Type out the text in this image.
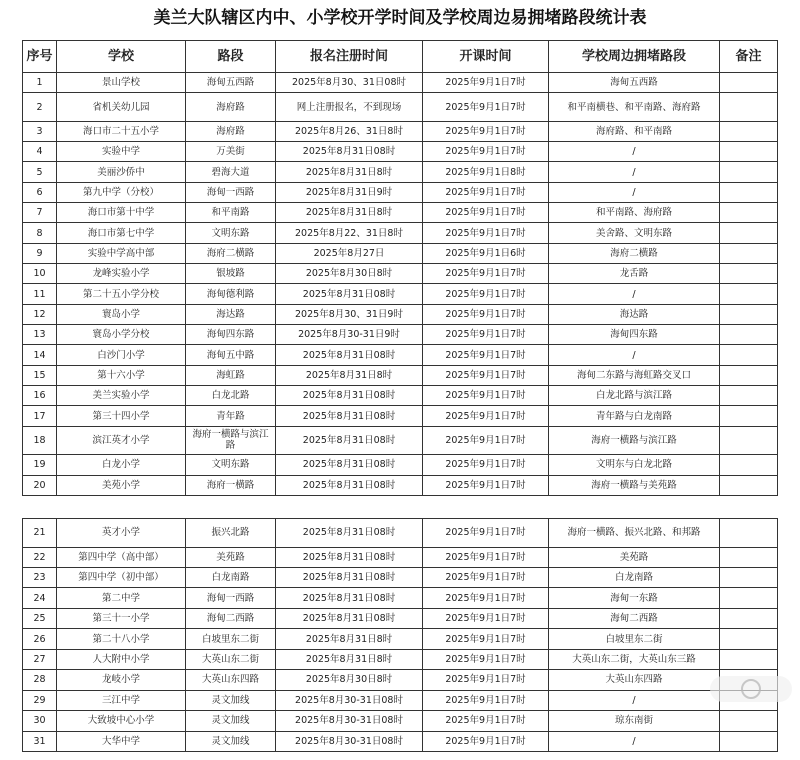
美兰大队辖区内中、小学校开学时间及学校周边易拥堵路段统计表
序号	学校	路段	报名注册时间	开课时间	学校周边拥堵路段	备注
1	景山学校	海甸五西路	2025年8月30、31日08时	2025年9月1日7时	海甸五西路	
2	省机关幼儿园	海府路	网上注册报名，不到现场	2025年9月1日7时	和平南横巷、和平南路、海府路	
3	海口市二十五小学	海府路	2025年8月26、31日8时	2025年9月1日7时	海府路、和平南路	
4	实验中学	万美街	2025年8月31日08时	2025年9月1日7时	/	
5	美丽沙侨中	碧海大道	2025年8月31日8时	2025年9月1日8时	/	
6	第九中学（分校）	海甸一西路	2025年8月31日9时	2025年9月1日7时	/	
7	海口市第十中学	和平南路	2025年8月31日8时	2025年9月1日7时	和平南路、海府路	
8	海口市第七中学	文明东路	2025年8月22、31日8时	2025年9月1日7时	美舍路、文明东路	
9	实验中学高中部	海府二横路	2025年8月27日	2025年9月1日6时	海府二横路	
10	龙峰实验小学	银坡路	2025年8月30日8时	2025年9月1日7时	龙舌路	
11	第二十五小学分校	海甸德利路	2025年8月31日08时	2025年9月1日7时	/	
12	寰岛小学	海达路	2025年8月30、31日9时	2025年9月1日7时	海达路	
13	寰岛小学分校	海甸四东路	2025年8月30-31日9时	2025年9月1日7时	海甸四东路	
14	白沙门小学	海甸五中路	2025年8月31日08时	2025年9月1日7时	/	
15	第十六小学	海虹路	2025年8月31日8时	2025年9月1日7时	海甸二东路与海虹路交叉口	
16	美兰实验小学	白龙北路	2025年8月31日08时	2025年9月1日7时	白龙北路与滨江路	
17	第三十四小学	青年路	2025年8月31日08时	2025年9月1日7时	青年路与白龙南路	
18	滨江英才小学	海府一横路与滨江路	2025年8月31日08时	2025年9月1日7时	海府一横路与滨江路	
19	白龙小学	文明东路	2025年8月31日08时	2025年9月1日7时	文明东与白龙北路	
20	美苑小学	海府一横路	2025年8月31日08时	2025年9月1日7时	海府一横路与美苑路	
21	英才小学	振兴北路	2025年8月31日08时	2025年9月1日7时	海府一横路、振兴北路、和邦路	
22	第四中学（高中部）	美苑路	2025年8月31日08时	2025年9月1日7时	美苑路	
23	第四中学（初中部）	白龙南路	2025年8月31日08时	2025年9月1日7时	白龙南路	
24	第二中学	海甸一西路	2025年8月31日08时	2025年9月1日7时	海甸一东路	
25	第三十一小学	海甸二西路	2025年8月31日08时	2025年9月1日7时	海甸二西路	
26	第二十八小学	白坡里东二街	2025年8月31日8时	2025年9月1日7时	白坡里东二街	
27	人大附中小学	大英山东二街	2025年8月31日8时	2025年9月1日7时	大英山东二街，大英山东三路	
28	龙岐小学	大英山东四路	2025年8月30日8时	2025年9月1日7时	大英山东四路	
29	三江中学	灵文加线	2025年8月30-31日08时	2025年9月1日7时	/	
30	大致坡中心小学	灵文加线	2025年8月30-31日08时	2025年9月1日7时	琼东南街	
31	大华中学	灵文加线	2025年8月30-31日08时	2025年9月1日7时	/	
